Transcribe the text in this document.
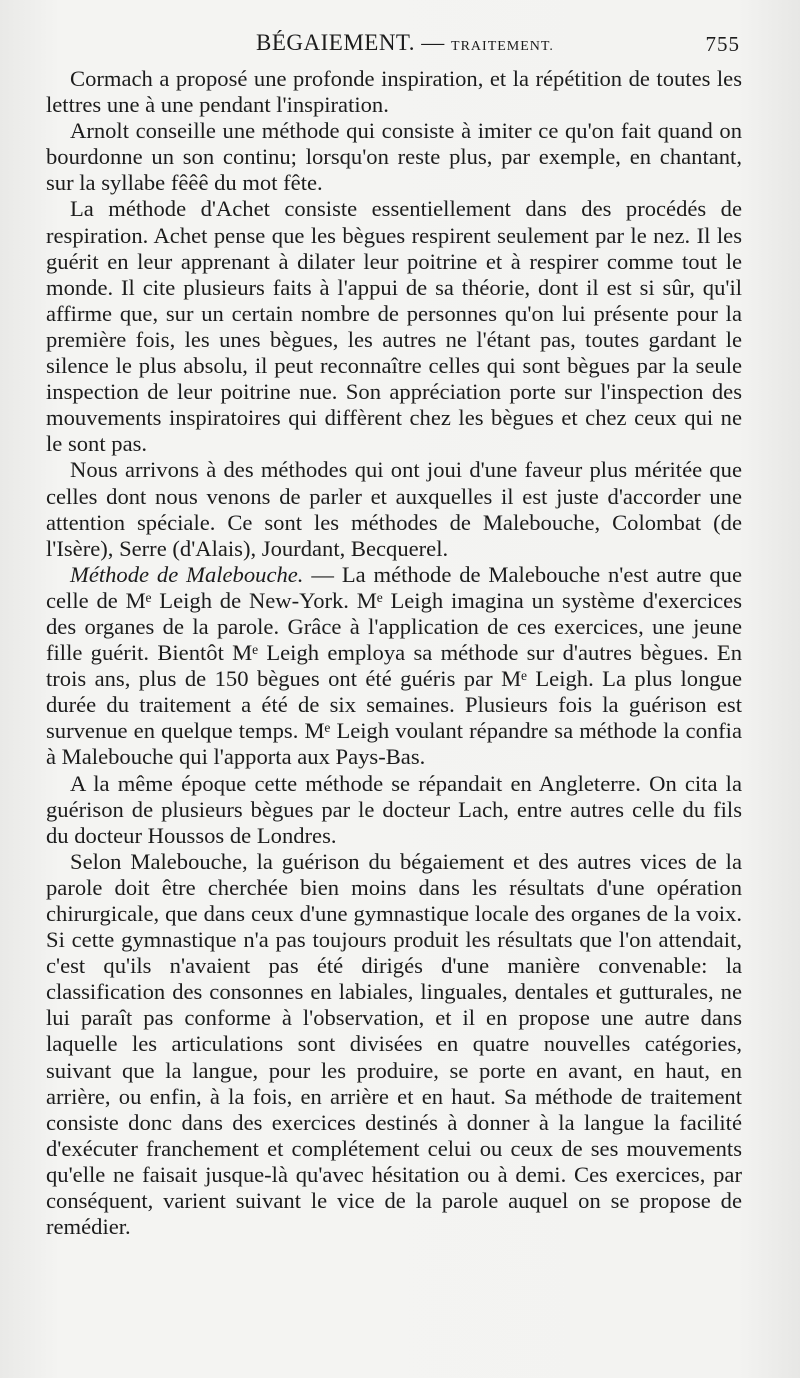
BÉGAIEMENT. — TRAITEMENT.	755

Cormach a proposé une profonde inspiration, et la répétition de toutes les lettres une à une pendant l'inspiration.

Arnolt conseille une méthode qui consiste à imiter ce qu'on fait quand on bourdonne un son continu; lorsqu'on reste plus, par exemple, en chantant, sur la syllabe fêêê du mot fête.

La méthode d'Achet consiste essentiellement dans des procédés de respiration. Achet pense que les bègues respirent seulement par le nez. Il les guérit en leur apprenant à dilater leur poitrine et à respirer comme tout le monde. Il cite plusieurs faits à l'appui de sa théorie, dont il est si sûr, qu'il affirme que, sur un certain nombre de personnes qu'on lui présente pour la première fois, les unes bègues, les autres ne l'étant pas, toutes gardant le silence le plus absolu, il peut reconnaître celles qui sont bègues par la seule inspection de leur poitrine nue. Son appréciation porte sur l'inspection des mouvements inspiratoires qui diffèrent chez les bègues et chez ceux qui ne le sont pas.

Nous arrivons à des méthodes qui ont joui d'une faveur plus méritée que celles dont nous venons de parler et auxquelles il est juste d'accorder une attention spéciale. Ce sont les méthodes de Malebouche, Colombat (de l'Isère), Serre (d'Alais), Jourdant, Becquerel.

Méthode de Malebouche. — La méthode de Malebouche n'est autre que celle de Mᵉ Leigh de New-York. Mᵉ Leigh imagina un système d'exercices des organes de la parole. Grâce à l'application de ces exercices, une jeune fille guérit. Bientôt Mᵉ Leigh employa sa méthode sur d'autres bègues. En trois ans, plus de 150 bègues ont été guéris par Mᵉ Leigh. La plus longue durée du traitement a été de six semaines. Plusieurs fois la guérison est survenue en quelque temps. Mᵉ Leigh voulant répandre sa méthode la confia à Malebouche qui l'apporta aux Pays-Bas.

A la même époque cette méthode se répandait en Angleterre. On cita la guérison de plusieurs bègues par le docteur Lach, entre autres celle du fils du docteur Houssos de Londres.

Selon Malebouche, la guérison du bégaiement et des autres vices de la parole doit être cherchée bien moins dans les résultats d'une opération chirurgicale, que dans ceux d'une gymnastique locale des organes de la voix. Si cette gymnastique n'a pas toujours produit les résultats que l'on attendait, c'est qu'ils n'avaient pas été dirigés d'une manière convenable: la classification des consonnes en labiales, linguales, dentales et gutturales, ne lui paraît pas conforme à l'observation, et il en propose une autre dans laquelle les articulations sont divisées en quatre nouvelles catégories, suivant que la langue, pour les produire, se porte en avant, en haut, en arrière, ou enfin, à la fois, en arrière et en haut. Sa méthode de traitement consiste donc dans des exercices destinés à donner à la langue la facilité d'exécuter franchement et complétement celui ou ceux de ses mouvements qu'elle ne faisait jusque-là qu'avec hésitation ou à demi. Ces exercices, par conséquent, varient suivant le vice de la parole auquel on se propose de remédier.
